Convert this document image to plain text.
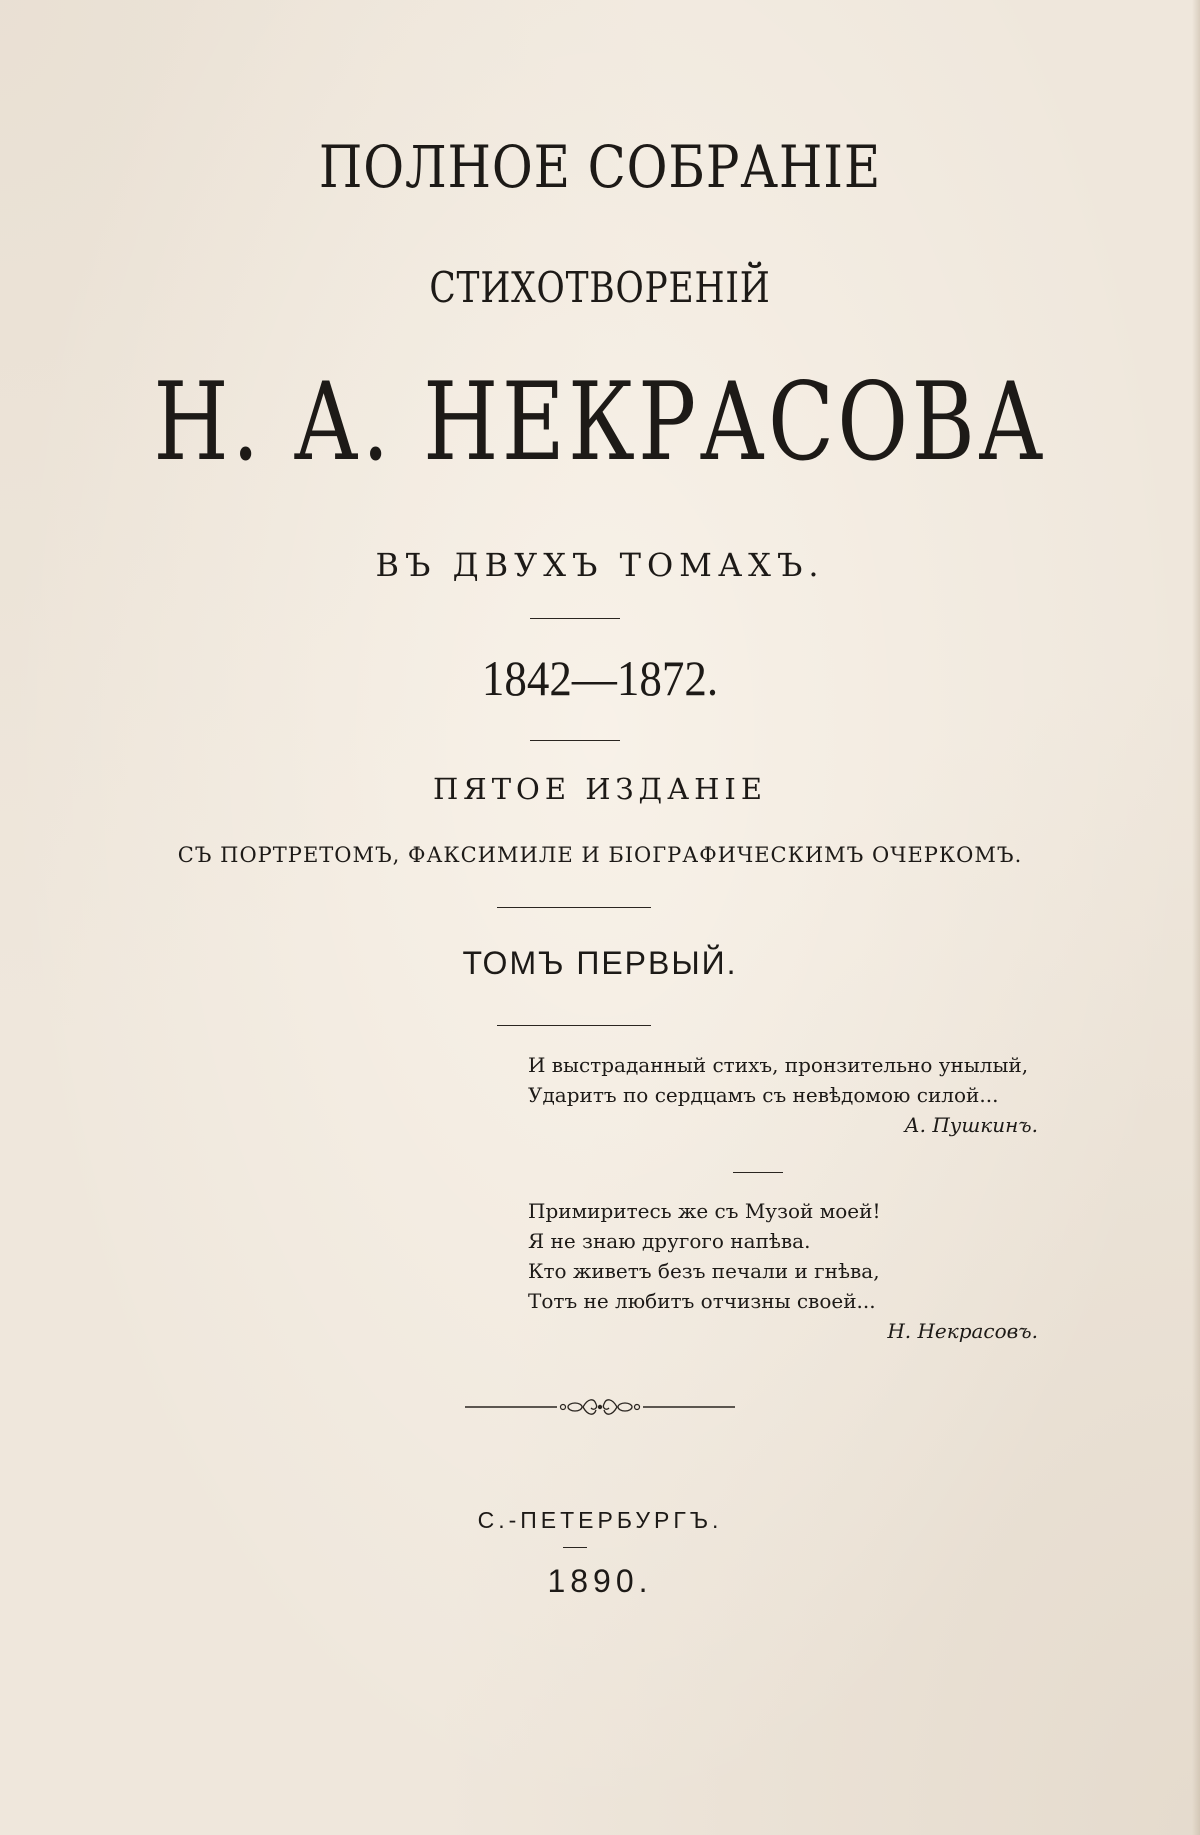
ПОЛНОЕ СОБРАНІЕ
СТИХОТВОРЕНІЙ
Н. А. НЕКРАСОВА
ВЪ ДВУХЪ ТОМАХЪ.
1842—1872.
ПЯТОЕ ИЗДАНІЕ
СЪ ПОРТРЕТОМЪ, ФАКСИМИЛЕ И БІОГРАФИЧЕСКИМЪ ОЧЕРКОМЪ.
ТОМЪ ПЕРВЫЙ.
И выстраданный стихъ, пронзительно унылый,
Ударитъ по сердцамъ съ невѣдомою силой...
А. Пушкинъ.
Примиритесь же съ Музой моей!
Я не знаю другого напѣва.
Кто живетъ безъ печали и гнѣва,
Тотъ не любитъ отчизны своей...
Н. Некрасовъ.
С.-ПЕТЕРБУРГЪ.
1890.
